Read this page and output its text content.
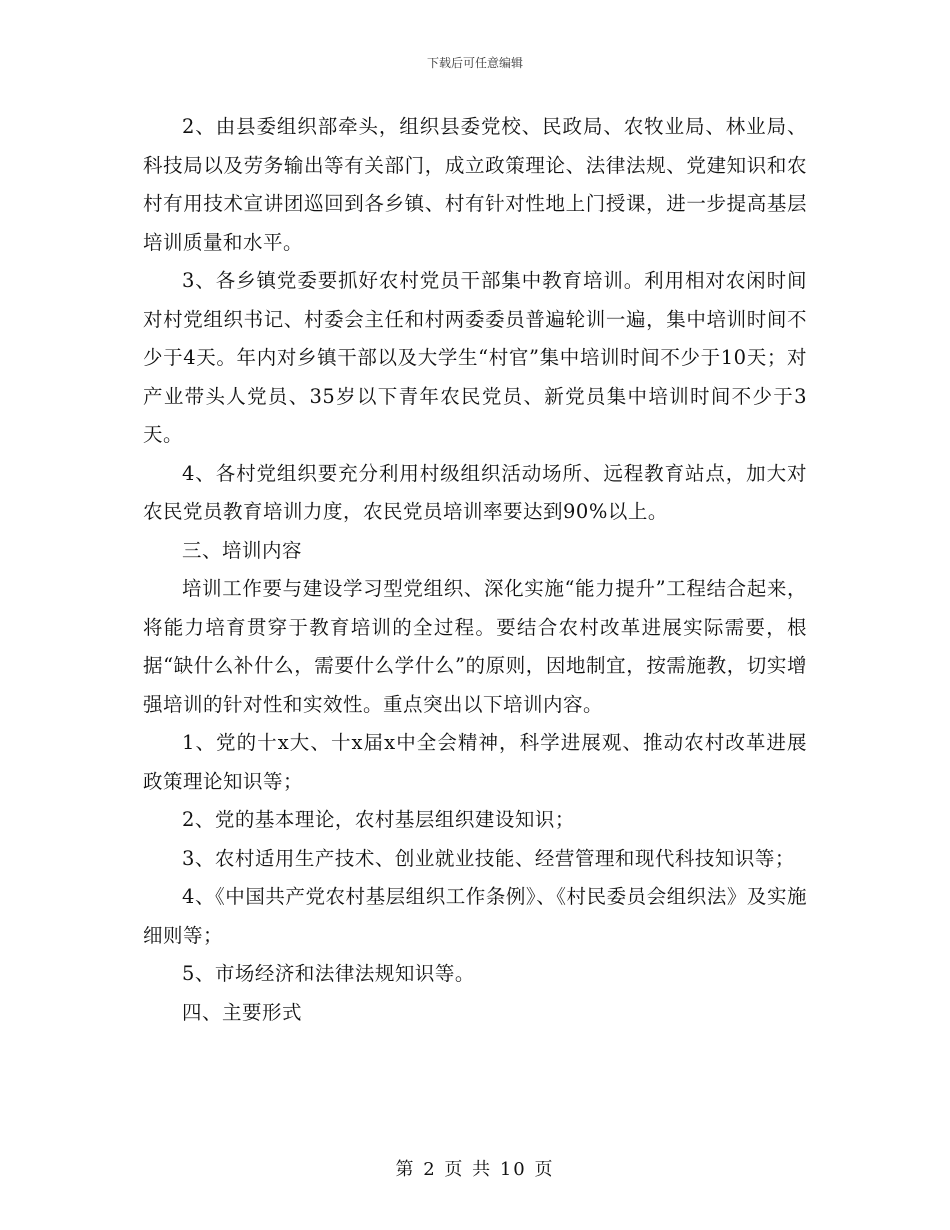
下载后可任意编辑

2、由县委组织部牵头，组织县委党校、民政局、农牧业局、林业局、科技局以及劳务输出等有关部门，成立政策理论、法律法规、党建知识和农村有用技术宣讲团巡回到各乡镇、村有针对性地上门授课，进一步提高基层培训质量和水平。

3、各乡镇党委要抓好农村党员干部集中教育培训。利用相对农闲时间对村党组织书记、村委会主任和村两委委员普遍轮训一遍，集中培训时间不少于4天。年内对乡镇干部以及大学生“村官”集中培训时间不少于10天；对产业带头人党员、35岁以下青年农民党员、新党员集中培训时间不少于3天。

4、各村党组织要充分利用村级组织活动场所、远程教育站点，加大对农民党员教育培训力度，农民党员培训率要达到90%以上。

三、培训内容

培训工作要与建设学习型党组织、深化实施“能力提升”工程结合起来，将能力培育贯穿于教育培训的全过程。要结合农村改革进展实际需要，根据“缺什么补什么，需要什么学什么”的原则，因地制宜，按需施教，切实增强培训的针对性和实效性。重点突出以下培训内容。

1、党的十x大、十x届x中全会精神，科学进展观、推动农村改革进展政策理论知识等；

2、党的基本理论，农村基层组织建设知识；

3、农村适用生产技术、创业就业技能、经营管理和现代科技知识等；

4、《中国共产党农村基层组织工作条例》、《村民委员会组织法》及实施细则等；

5、市场经济和法律法规知识等。

四、主要形式

第 2 页 共 10 页
